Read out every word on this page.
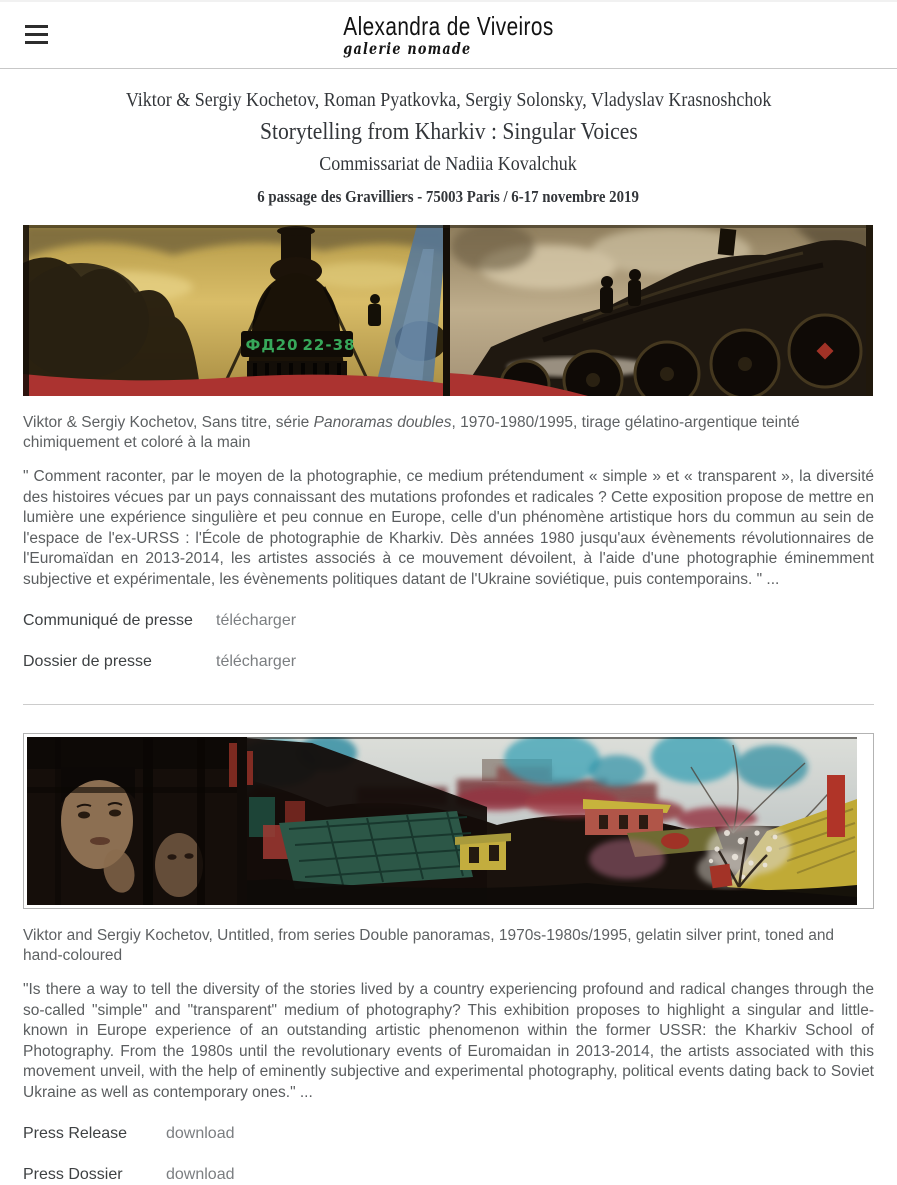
Alexandra de Viveiros
galerie nomade
Viktor & Sergiy Kochetov, Roman Pyatkovka, Sergiy Solonsky, Vladyslav Krasnoshchok
Storytelling from Kharkiv : Singular Voices
Commissariat de Nadiia Kovalchuk
6 passage des Gravilliers - 75003 Paris / 6-17 novembre 2019
ФД20 22-38

Viktor & Sergiy Kochetov, Sans titre, série Panoramas doubles, 1970-1980/1995, tirage gélatino-argentique teinté chimiquement et coloré à la main

" Comment raconter, par le moyen de la photographie, ce medium prétendument « simple » et « transparent », la diversité des histoires vécues par un pays connaissant des mutations profondes et radicales ? Cette exposition propose de mettre en lumière une expérience singulière et peu connue en Europe, celle d'un phénomène artistique hors du commun au sein de l'espace de l'ex-URSS : l'École de photographie de Kharkiv. Dès années 1980 jusqu'aux évènements révolutionnaires de l'Euromaïdan en 2013-2014, les artistes associés à ce mouvement dévoilent, à l'aide d'une photographie éminemment subjective et expérimentale, les évènements politiques datant de l'Ukraine soviétique, puis contemporains. " ...

Communiqué de presse	télécharger
Dossier de presse	télécharger

Viktor and Sergiy Kochetov, Untitled, from series Double panoramas, 1970s-1980s/1995, gelatin silver print, toned and hand-coloured

"Is there a way to tell the diversity of the stories lived by a country experiencing profound and radical changes through the so-called "simple" and "transparent" medium of photography? This exhibition proposes to highlight a singular and little-known in Europe experience of an outstanding artistic phenomenon within the former USSR: the Kharkiv School of Photography. From the 1980s until the revolutionary events of Euromaidan in 2013-2014, the artists associated with this movement unveil, with the help of eminently subjective and experimental photography, political events dating back to Soviet Ukraine as well as contemporary ones." ...

Press Release	download
Press Dossier	download
